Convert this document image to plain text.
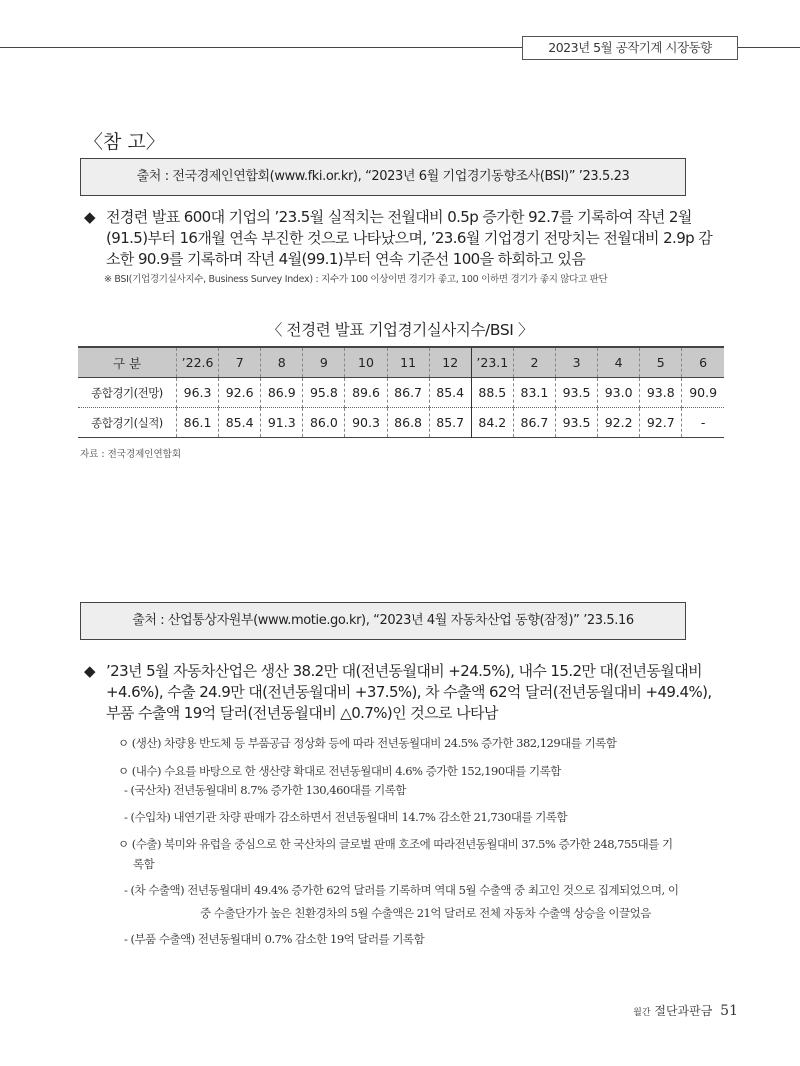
2023년 5월 공작기계 시장동향
〈참 고〉
출처 : 전국경제인연합회(www.fki.or.kr), “2023년 6월 기업경기동향조사(BSI)” ’23.5.23
◆ 전경련 발표 600대 기업의 ’23.5월 실적치는 전월대비 0.5p 증가한 92.7를 기록하여 작년 2월(91.5)부터 16개월 연속 부진한 것으로 나타났으며, ’23.6월 기업경기 전망치는 전월대비 2.9p 감소한 90.9를 기록하며 작년 4월(99.1)부터 연속 기준선 100을 하회하고 있음
※ BSI(기업경기실사지수, Business Survey Index) : 지수가 100 이상이면 경기가 좋고, 100 이하면 경기가 좋지 않다고 판단
〈 전경련 발표 기업경기실사지수/BSI 〉
구 분	’22.6	7	8	9	10	11	12	’23.1	2	3	4	5	6
종합경기(전망)	96.3	92.6	86.9	95.8	89.6	86.7	85.4	88.5	83.1	93.5	93.0	93.8	90.9
종합경기(실적)	86.1	85.4	91.3	86.0	90.3	86.8	85.7	84.2	86.7	93.5	92.2	92.7	-
자료 : 전국경제인연합회
출처 : 산업통상자원부(www.motie.go.kr), “2023년 4월 자동차산업 동향(잠정)” ’23.5.16
◆ ’23년 5월 자동차산업은 생산 38.2만 대(전년동월대비 +24.5%), 내수 15.2만 대(전년동월대비 +4.6%), 수출 24.9만 대(전년동월대비 +37.5%), 차 수출액 62억 달러(전년동월대비 +49.4%), 부품 수출액 19억 달러(전년동월대비 △0.7%)인 것으로 나타남
ㅇ (생산) 차량용 반도체 등 부품공급 정상화 등에 따라 전년동월대비 24.5% 증가한 382,129대를 기록함
ㅇ (내수) 수요를 바탕으로 한 생산량 확대로 전년동월대비 4.6% 증가한 152,190대를 기록함
- (국산차) 전년동월대비 8.7% 증가한 130,460대를 기록함
- (수입차) 내연기관 차량 판매가 감소하면서 전년동월대비 14.7% 감소한 21,730대를 기록함
ㅇ (수출) 북미와 유럽을 중심으로 한 국산차의 글로벌 판매 호조에 따라전년동월대비 37.5% 증가한 248,755대를 기
록함
- (차 수출액) 전년동월대비 49.4% 증가한 62억 달러를 기록하며 역대 5월 수출액 중 최고인 것으로 집계되었으며, 이
중 수출단가가 높은 친환경차의 5월 수출액은 21억 달러로 전체 자동차 수출액 상승을 이끌었음
- (부품 수출액) 전년동월대비 0.7% 감소한 19억 달러를 기록함
월간 절단과판금 51
